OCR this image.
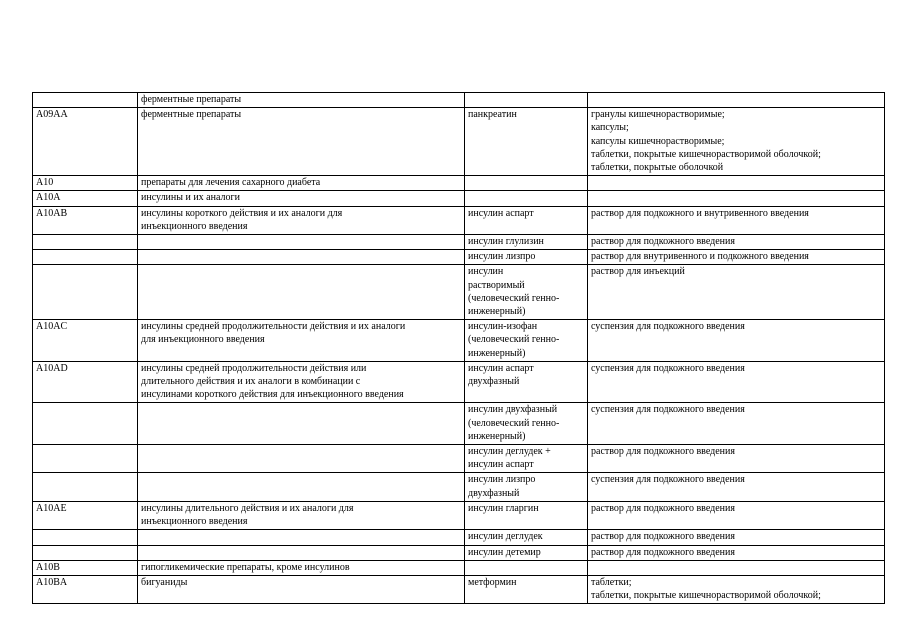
	ферментные препараты		
A09AA	ферментные препараты	панкреатин	гранулы кишечнорастворимые;
капсулы;
капсулы кишечнорастворимые;
таблетки, покрытые кишечнорастворимой оболочкой;
таблетки, покрытые оболочкой
A10	препараты для лечения сахарного диабета		
A10A	инсулины и их аналоги		
A10AB	инсулины короткого действия и их аналоги для
инъекционного введения	инсулин аспарт	раствор для подкожного и внутривенного введения
		инсулин глулизин	раствор для подкожного введения
		инсулин лизпро	раствор для внутривенного и подкожного введения
		инсулин
растворимый
(человеческий генно-
инженерный)	раствор для инъекций
A10AC	инсулины средней продолжительности действия и их аналоги
для инъекционного введения	инсулин-изофан
(человеческий генно-
инженерный)	суспензия для подкожного введения
A10AD	инсулины средней продолжительности действия или
длительного действия и их аналоги в комбинации с
инсулинами короткого действия для инъекционного введения	инсулин аспарт
двухфазный	суспензия для подкожного введения
		инсулин двухфазный
(человеческий генно-
инженерный)	суспензия для подкожного введения
		инсулин деглудек +
инсулин аспарт	раствор для подкожного введения
		инсулин лизпро
двухфазный	суспензия для подкожного введения
A10AE	инсулины длительного действия и их аналоги для
инъекционного введения	инсулин гларгин	раствор для подкожного введения
		инсулин деглудек	раствор для подкожного введения
		инсулин детемир	раствор для подкожного введения
A10B	гипогликемические препараты, кроме инсулинов		
A10BA	бигуаниды	метформин	таблетки;
таблетки, покрытые кишечнорастворимой оболочкой;
